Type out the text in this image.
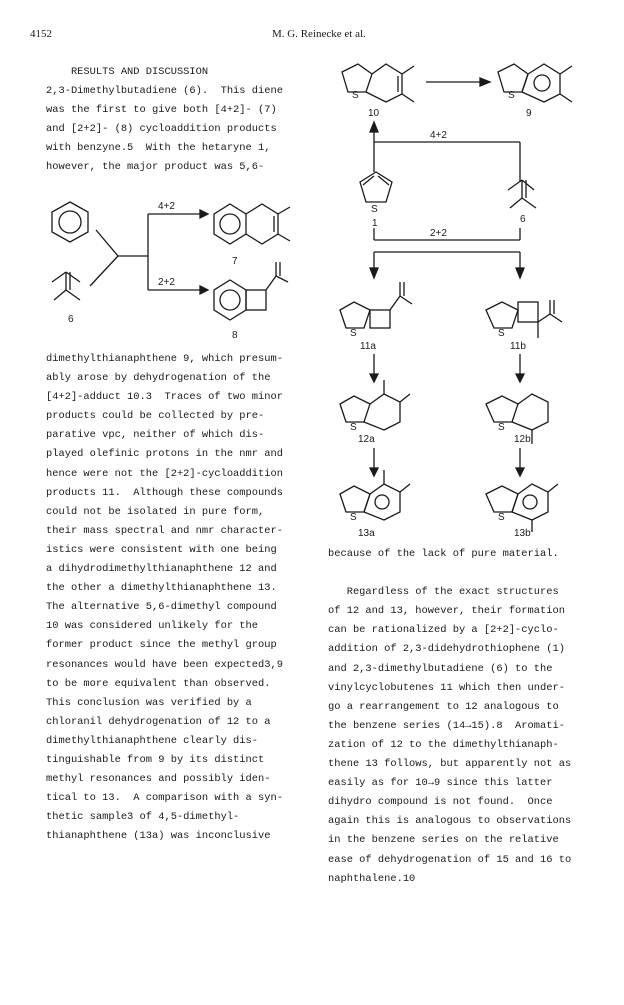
4152	M. G. Reinecke et al.
RESULTS AND DISCUSSION
2,3-Dimethylbutadiene (6).  This diene
was the first to give both [4+2]- (7)
and [2+2]- (8) cycloaddition products
with benzyne.5  With the hetaryne 1,
however, the major product was 5,6-
6
4+2
2+2
7
8
dimethylthianaphthene 9, which presum-
ably arose by dehydrogenation of the
[4+2]-adduct 10.3  Traces of two minor
products could be collected by pre-
parative vpc, neither of which dis-
played olefinic protons in the nmr and
hence were not the [2+2]-cycloaddition
products 11.  Although these compounds
could not be isolated in pure form,
their mass spectral and nmr character-
istics were consistent with one being
a dihydrodimethylthianaphthene 12 and
the other a dimethylthianaphthene 13.
The alternative 5,6-dimethyl compound
10 was considered unlikely for the
former product since the methyl group
resonances would have been expected3,9
to be more equivalent than observed.
This conclusion was verified by a
chloranil dehydrogenation of 12 to a
dimethylthianaphthene clearly dis-
tinguishable from 9 by its distinct
methyl resonances and possibly iden-
tical to 13.  A comparison with a syn-
thetic sample3 of 4,5-dimethyl-
thianaphthene (13a) was inconclusive
S
10
S
9
4+2
S
1	6
2+2
S
11a
S
11b
S
12a
S
12b
S
13a
S
13b
because of the lack of pure material.
Regardless of the exact structures
of 12 and 13, however, their formation
can be rationalized by a [2+2]-cyclo-
addition of 2,3-didehydrothiophene (1)
and 2,3-dimethylbutadiene (6) to the
vinylcyclobutenes 11 which then under-
go a rearrangement to 12 analogous to
the benzene series (14→15).8  Aromati-
zation of 12 to the dimethylthianaph-
thene 13 follows, but apparently not as
easily as for 10→9 since this latter
dihydro compound is not found.  Once
again this is analogous to observations
in the benzene series on the relative
ease of dehydrogenation of 15 and 16 to
naphthalene.10
